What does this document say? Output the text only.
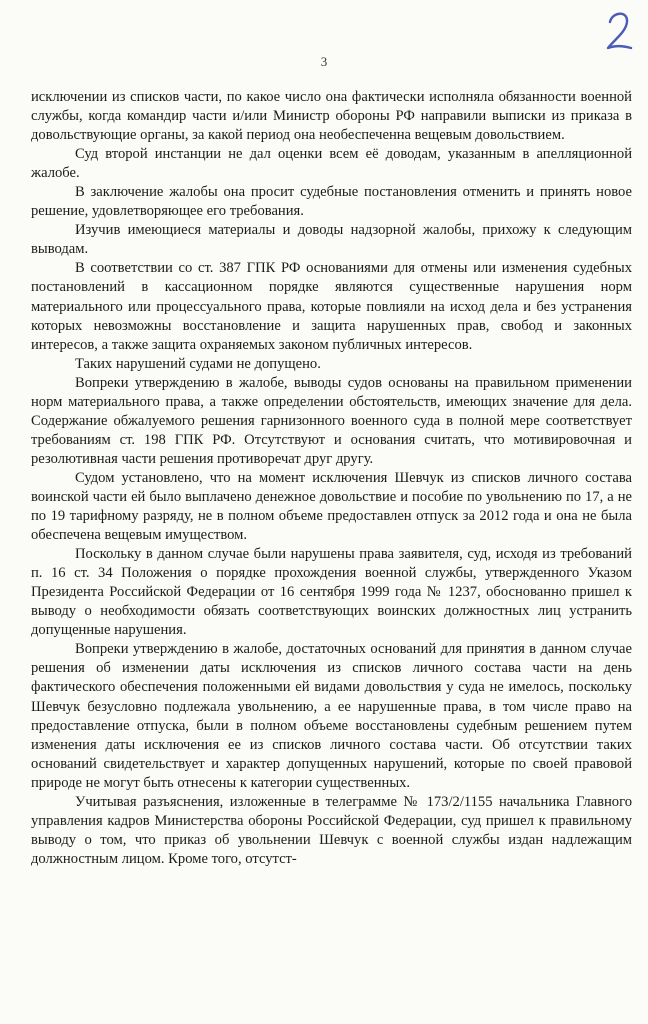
3

исключении из списков части, по какое число она фактически исполняла обязанности военной службы, когда командир части и/или Министр обороны РФ направили выписки из приказа в довольствующие органы, за какой период она необеспеченна вещевым довольствием.

Суд второй инстанции не дал оценки всем её доводам, указанным в апелляционной жалобе.

В заключение жалобы она просит судебные постановления отменить и принять новое решение, удовлетворяющее его требования.

Изучив имеющиеся материалы и доводы надзорной жалобы, прихожу к следующим выводам.

В соответствии со ст. 387 ГПК РФ основаниями для отмены или изменения судебных постановлений в кассационном порядке являются существенные нарушения норм материального или процессуального права, которые повлияли на исход дела и без устранения которых невозможны восстановление и защита нарушенных прав, свобод и законных интересов, а также защита охраняемых законом публичных интересов.

Таких нарушений судами не допущено.

Вопреки утверждению в жалобе, выводы судов основаны на правильном применении норм материального права, а также определении обстоятельств, имеющих значение для дела. Содержание обжалуемого решения гарнизонного военного суда в полной мере соответствует требованиям ст. 198 ГПК РФ. Отсутствуют и основания считать, что мотивировочная и резолютивная части решения противоречат друг другу.

Судом установлено, что на момент исключения Шевчук из списков личного состава воинской части ей было выплачено денежное довольствие и пособие по увольнению по 17, а не по 19 тарифному разряду, не в полном объеме предоставлен отпуск за 2012 года и она не была обеспечена вещевым имуществом.

Поскольку в данном случае были нарушены права заявителя, суд, исходя из требований п. 16 ст. 34 Положения о порядке прохождения военной службы, утвержденного Указом Президента Российской Федерации от 16 сентября 1999 года № 1237, обоснованно пришел к выводу о необходимости обязать соответствующих воинских должностных лиц устранить допущенные нарушения.

Вопреки утверждению в жалобе, достаточных оснований для принятия в данном случае решения об изменении даты исключения из списков личного состава части на день фактического обеспечения положенными ей видами довольствия у суда не имелось, поскольку Шевчук безусловно подлежала увольнению, а ее нарушенные права, в том числе право на предоставление отпуска, были в полном объеме восстановлены судебным решением путем изменения даты исключения ее из списков личного состава части. Об отсутствии таких оснований свидетельствует и характер допущенных нарушений, которые по своей правовой природе не могут быть отнесены к категории существенных.

Учитывая разъяснения, изложенные в телеграмме № 173/2/1155 начальника Главного управления кадров Министерства обороны Российской Федерации, суд пришел к правильному выводу о том, что приказ об увольнении Шевчук с военной службы издан надлежащим должностным лицом. Кроме того, отсутст-
